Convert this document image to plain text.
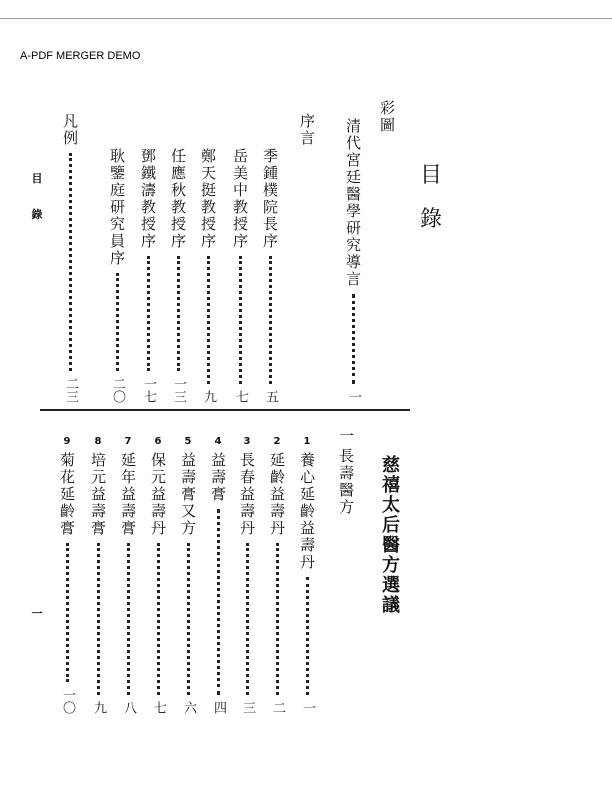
A-PDF MERGER DEMO
目
錄
目
錄
一
彩圖
清代宮廷醫學研究導言
一
序言
季鍾樸院長序
五
岳美中教授序
七
鄭天挺教授序
九
任應秋教授序
一三
鄧鐵濤教授序
一七
耿鑒庭研究員序
二〇
凡例
二三
慈禧太后醫方選議
一
長壽醫方
1
養心延齡益壽丹
一
2
延齡益壽丹
二
3
長春益壽丹
三
4
益壽膏
四
5
益壽膏又方
六
6
保元益壽丹
七
7
延年益壽膏
八
8
培元益壽膏
九
9
菊花延齡膏
一〇
